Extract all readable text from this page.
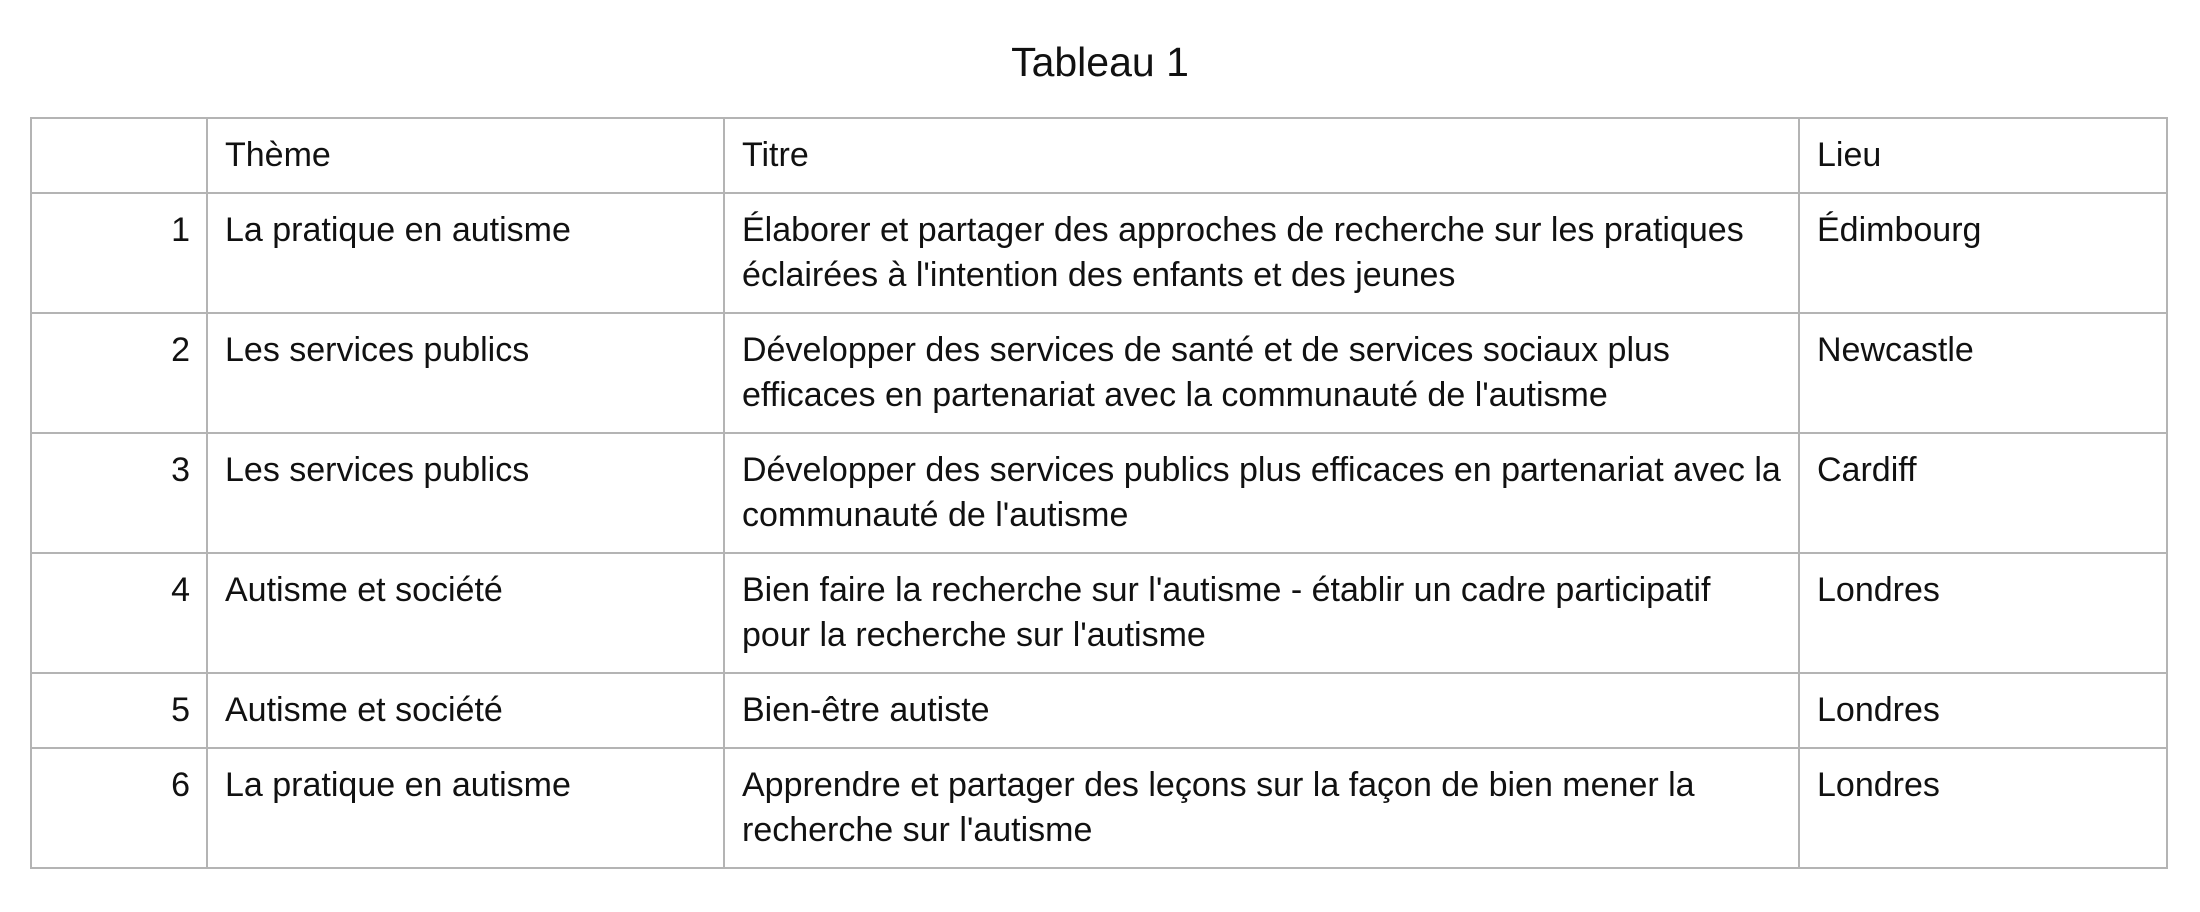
Tableau 1
	Thème	Titre	Lieu
1	La pratique en autisme	Élaborer et partager des approches de recherche sur les pratiques éclairées à l'intention des enfants et des jeunes	Édimbourg
2	Les services publics	Développer des services de santé et de services sociaux plus efficaces en partenariat avec la communauté de l'autisme	Newcastle
3	Les services publics	Développer des services publics plus efficaces en partenariat avec la communauté de l'autisme	Cardiff
4	Autisme et société	Bien faire la recherche sur l'autisme - établir un cadre participatif pour la recherche sur l'autisme	Londres
5	Autisme et société	Bien-être autiste	Londres
6	La pratique en autisme	Apprendre et partager des leçons sur la façon de bien mener la recherche sur l'autisme	Londres
